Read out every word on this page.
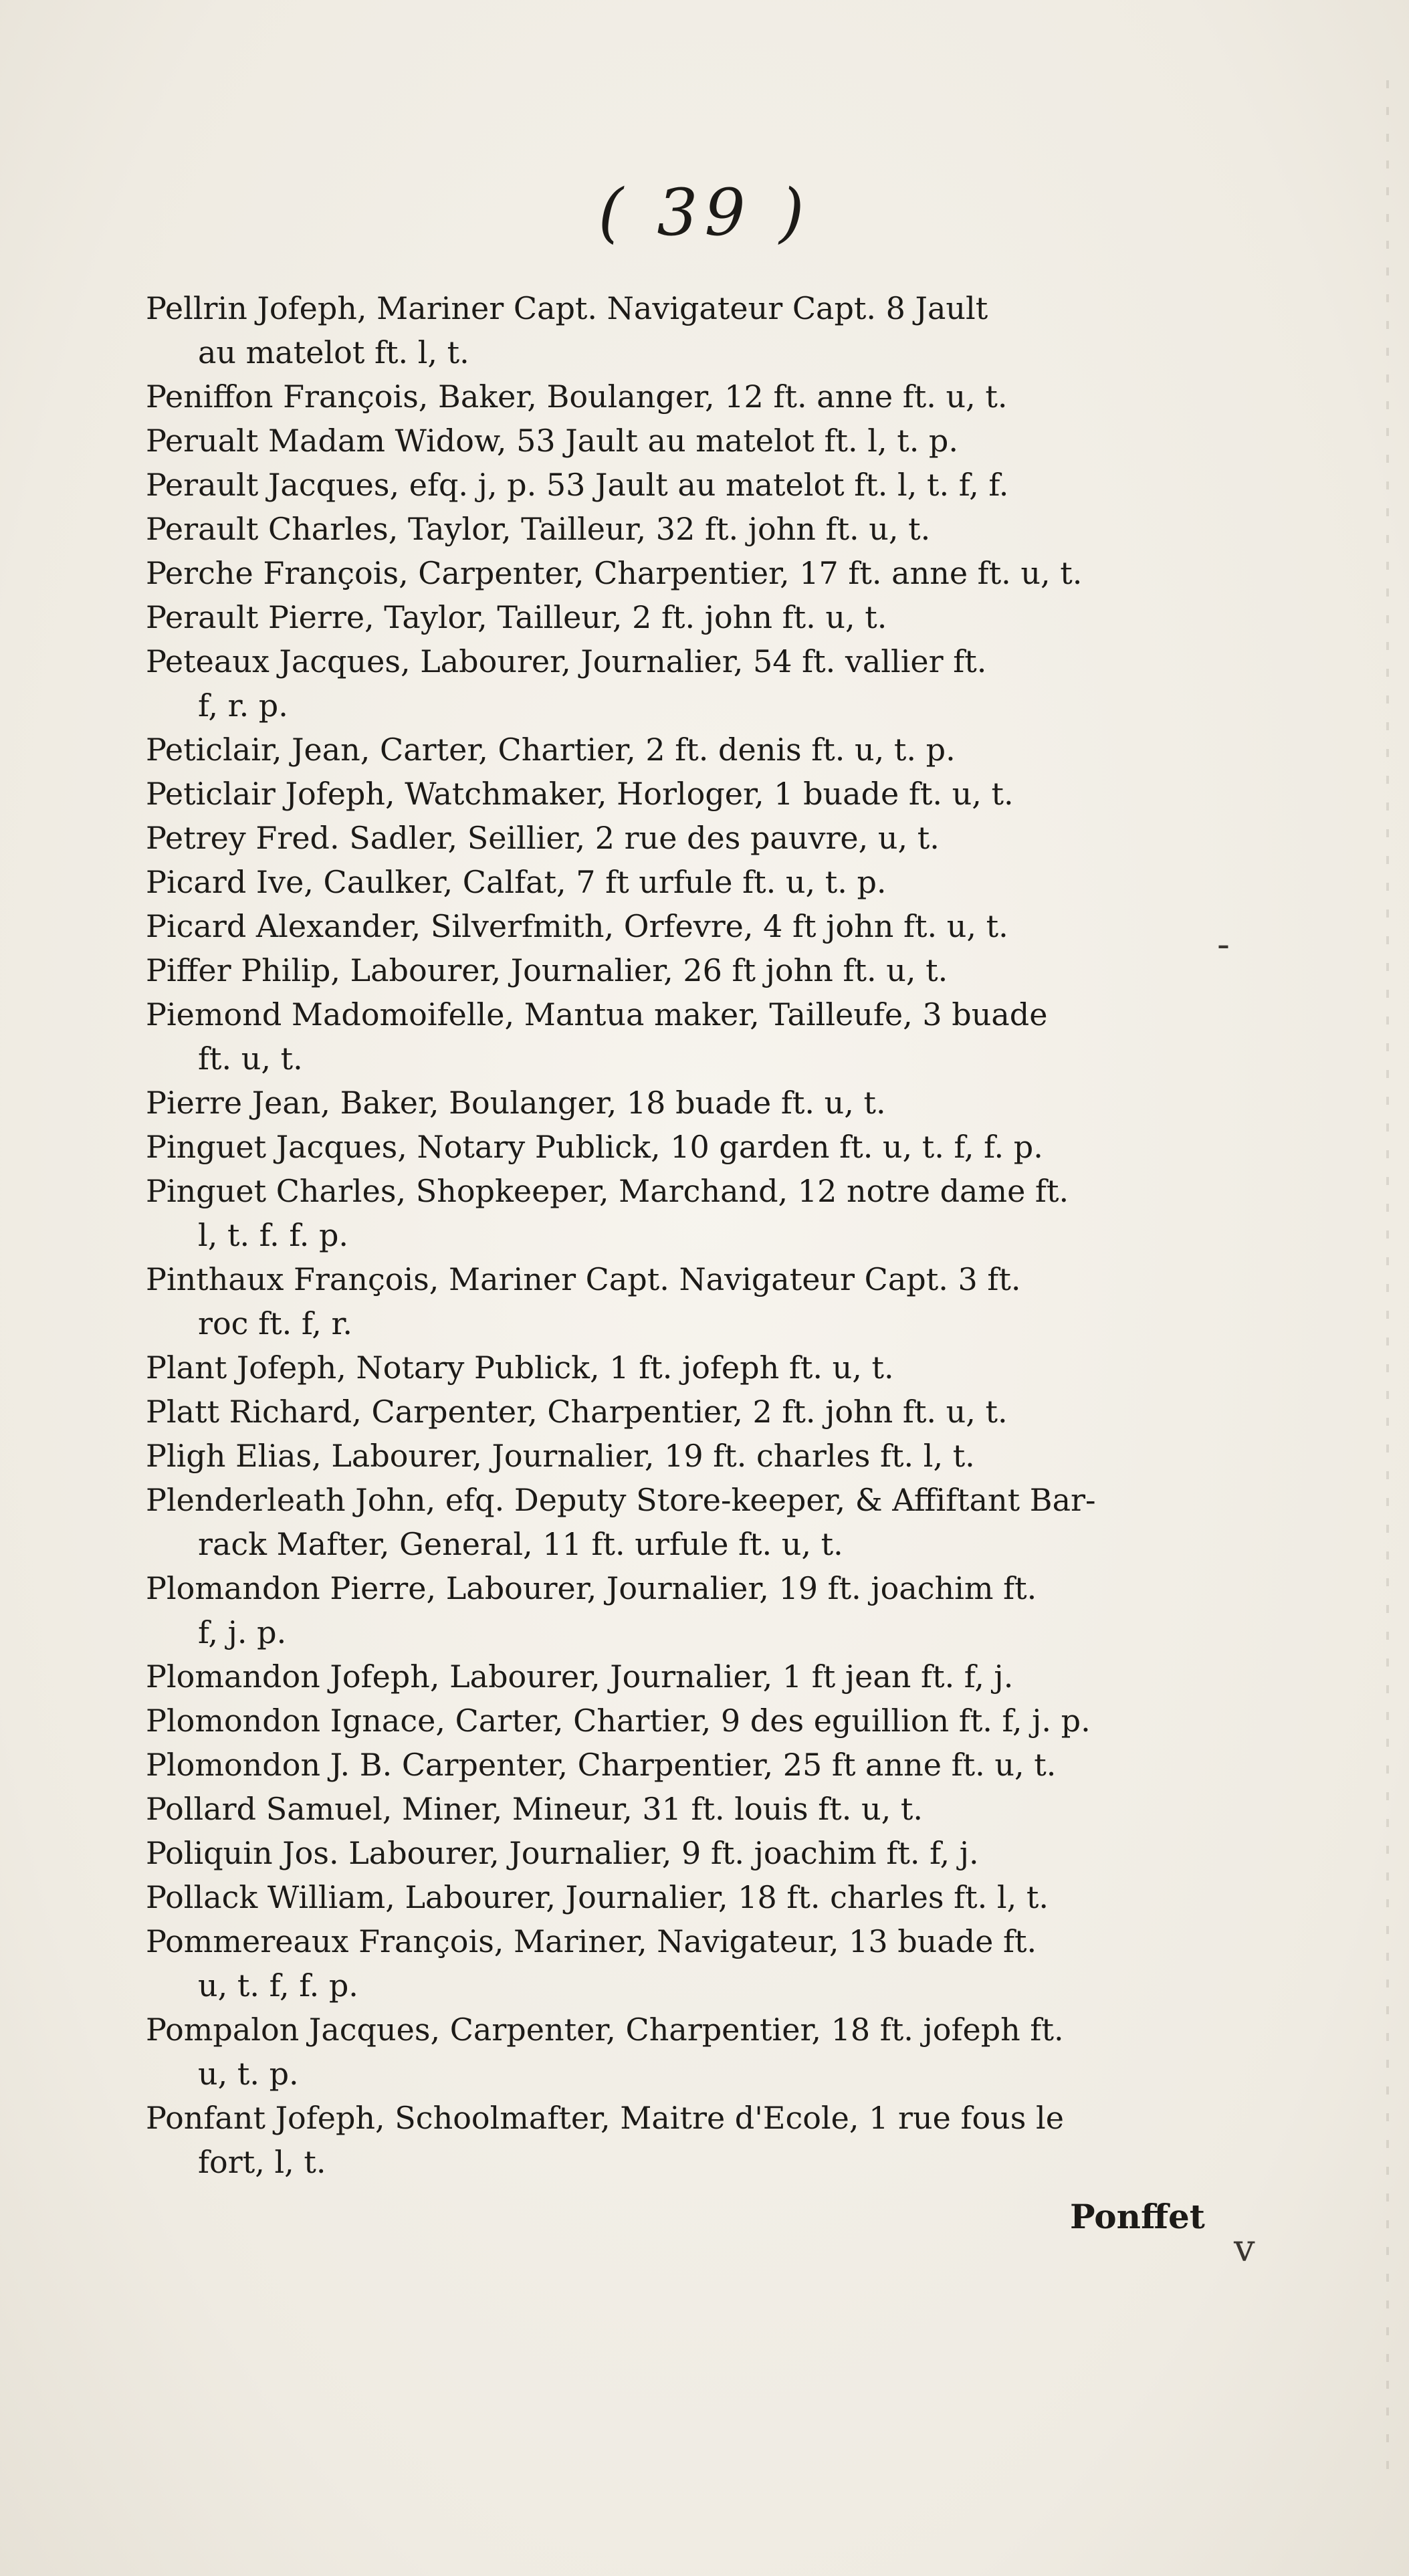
( 39 )

Pellrin Jofeph, Mariner Capt. Navigateur Capt. 8 Jault
au matelot ft. l, t.

Peniffon François, Baker, Boulanger, 12 ft. anne ft. u, t.

Perualt Madam Widow, 53 Jault au matelot ft. l, t. p.

Perault Jacques, efq. j, p. 53 Jault au matelot ft. l, t. f, f.

Perault Charles, Taylor, Tailleur, 32 ft. john ft. u, t.

Perche François, Carpenter, Charpentier, 17 ft. anne ft. u, t.

Perault Pierre, Taylor, Tailleur, 2 ft. john ft. u, t.

Peteaux Jacques, Labourer, Journalier, 54 ft. vallier ft.
f, r. p.

Peticlair, Jean, Carter, Chartier, 2 ft. denis ft. u, t. p.

Peticlair Jofeph, Watchmaker, Horloger, 1 buade ft. u, t.

Petrey Fred. Sadler, Seillier, 2 rue des pauvre, u, t.

Picard Ive, Caulker, Calfat, 7 ft urfule ft. u, t. p.

Picard Alexander, Silverfmith, Orfevre, 4 ft john ft. u, t.

Piffer Philip, Labourer, Journalier, 26 ft john ft. u, t.

Piemond Madomoifelle, Mantua maker, Tailleufe, 3 buade
ft. u, t.

Pierre Jean, Baker, Boulanger, 18 buade ft. u, t.

Pinguet Jacques, Notary Publick, 10 garden ft. u, t. f, f. p.

Pinguet Charles, Shopkeeper, Marchand, 12 notre dame ft.
l, t. f. f. p.

Pinthaux François, Mariner Capt. Navigateur Capt. 3 ft.
roc ft. f, r.

Plant Jofeph, Notary Publick, 1 ft. jofeph ft. u, t.

Platt Richard, Carpenter, Charpentier, 2 ft. john ft. u, t.

Pligh Elias, Labourer, Journalier, 19 ft. charles ft. l, t.

Plenderleath John, efq. Deputy Store-keeper, & Affiftant Bar-
rack Mafter, General, 11 ft. urfule ft. u, t.

Plomandon Pierre, Labourer, Journalier, 19 ft. joachim ft.
f, j. p.

Plomandon Jofeph, Labourer, Journalier, 1 ft jean ft. f, j.

Plomondon Ignace, Carter, Chartier, 9 des eguillion ft. f, j. p.

Plomondon J. B. Carpenter, Charpentier, 25 ft anne ft. u, t.

Pollard Samuel, Miner, Mineur, 31 ft. louis ft. u, t.

Poliquin Jos. Labourer, Journalier, 9 ft. joachim ft. f, j.

Pollack William, Labourer, Journalier, 18 ft. charles ft. l, t.

Pommereaux François, Mariner, Navigateur, 13 buade ft.
u, t. f, f. p.

Pompalon Jacques, Carpenter, Charpentier, 18 ft. jofeph ft.
u, t. p.

Ponfant Jofeph, Schoolmafter, Maitre d'Ecole, 1 rue fous le
fort, l, t.

Ponffet
-
v
